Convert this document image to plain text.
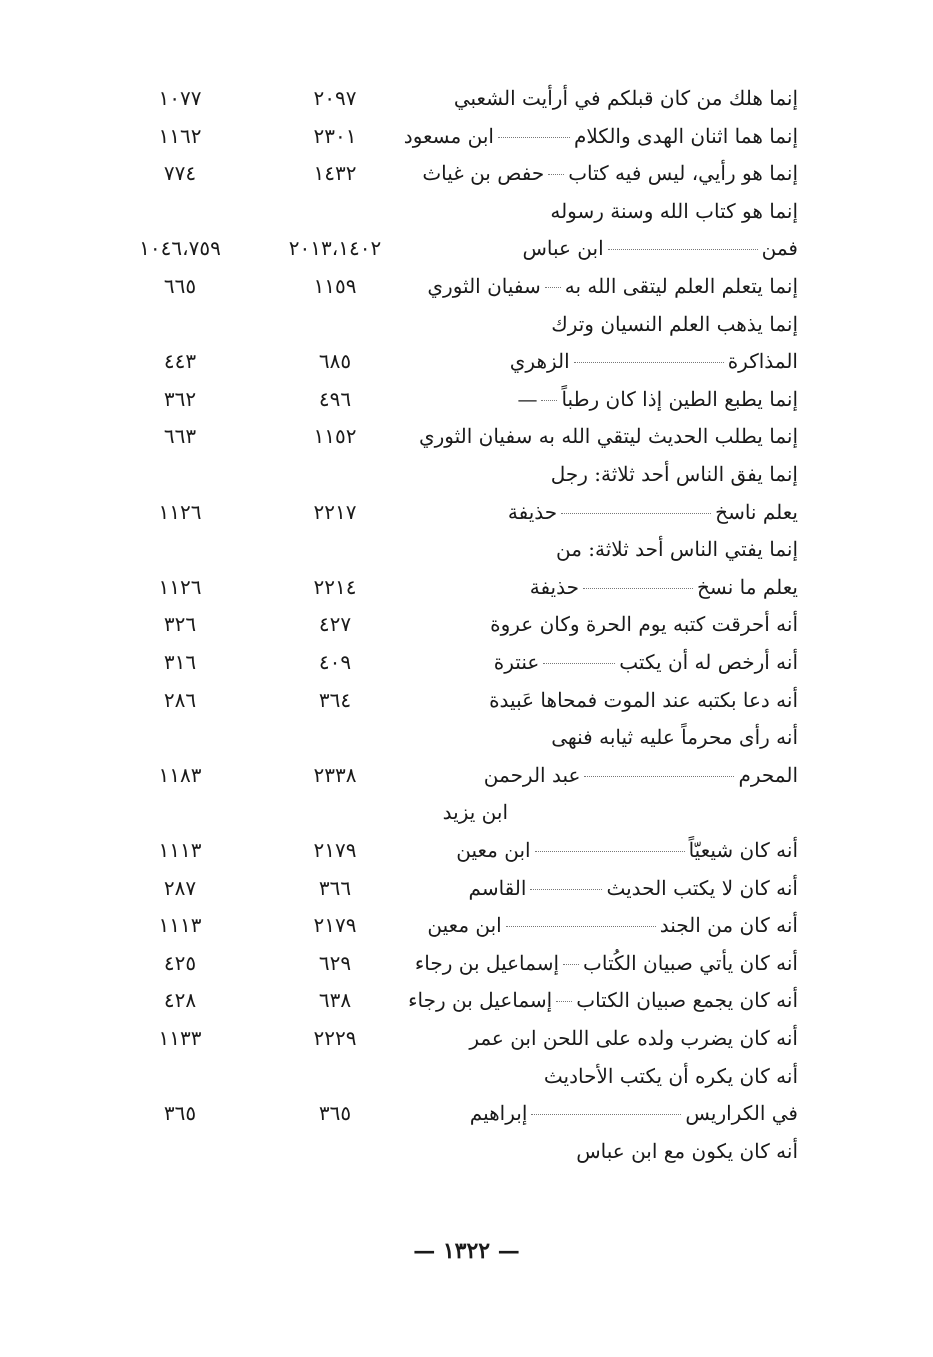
إنما هلك من كان قبلكم في أرأيت الشعبي
٢٠٩٧
١٠٧٧
إنما هما اثنان الهدى والكلامابن مسعود
٢٣٠١
١١٦٢
إنما هو رأيي، ليس فيه كتابحفص بن غياث
١٤٣٢
٧٧٤
إنما هو كتاب الله وسنة رسوله
فمنابن عباس
٢٠١٣،١٤٠٢
١٠٤٦،٧٥٩
إنما يتعلم العلم ليتقى الله بهسفيان الثوري
١١٥٩
٦٦٥
إنما يذهب العلم النسيان وترك
المذاكرةالزهري
٦٨٥
٤٤٣
إنما يطبع الطين إذا كان رطباً—
٤٩٦
٣٦٢
إنما يطلب الحديث ليتقي الله به سفيان الثوري
١١٥٢
٦٦٣
إنما يفق الناس أحد ثلاثة: رجل
يعلم ناسخحذيفة
٢٢١٧
١١٢٦
إنما يفتي الناس أحد ثلاثة: من
يعلم ما نسخحذيفة
٢٢١٤
١١٢٦
أنه أحرقت كتبه يوم الحرة وكان عروة
٤٢٧
٣٢٦
أنه أرخص له أن يكتبعنترة
٤٠٩
٣١٦
أنه دعا بكتبه عند الموت فمحاها عَبيدة
٣٦٤
٢٨٦
أنه رأى محرماً عليه ثيابه فنهى
المحرمعبد الرحمن
٢٣٣٨
١١٨٣
ابن يزيد
أنه كان شيعيّاًابن معين
٢١٧٩
١١١٣
أنه كان لا يكتب الحديثالقاسم
٣٦٦
٢٨٧
أنه كان من الجندابن معين
٢١٧٩
١١١٣
أنه كان يأتي صبيان الكُتابإسماعيل بن رجاء
٦٢٩
٤٢٥
أنه كان يجمع صبيان الكتابإسماعيل بن رجاء
٦٣٨
٤٢٨
أنه كان يضرب ولده على اللحن ابن عمر
٢٢٢٩
١١٣٣
أنه كان يكره أن يكتب الأحاديث
في الكراريسإبراهيم
٣٦٥
٣٦٥
أنه كان يكون مع ابن عباس
— ١٣٢٢ —
